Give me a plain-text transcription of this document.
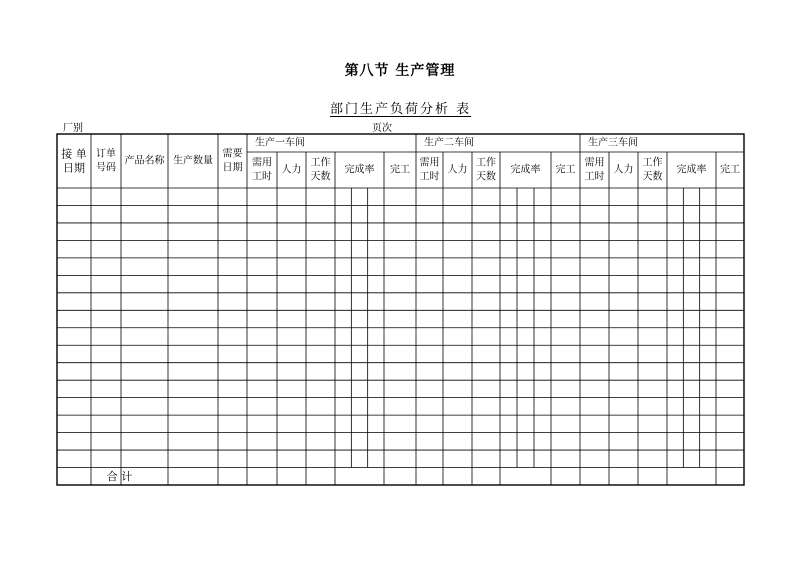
第八节 生产管理
部门生产负荷分析 表
厂别	页次
生产一车间
需用
工时
人力
工作
天数
完成率 完工
生产二车间
需用
工时
人力
工作
天数
完成率 完工
生产三车间
需用
工时
人力
工作
天数
完成率 完工
接 单
日期
订单
号码
产品名称 生产数量
需要
日期
合 计
